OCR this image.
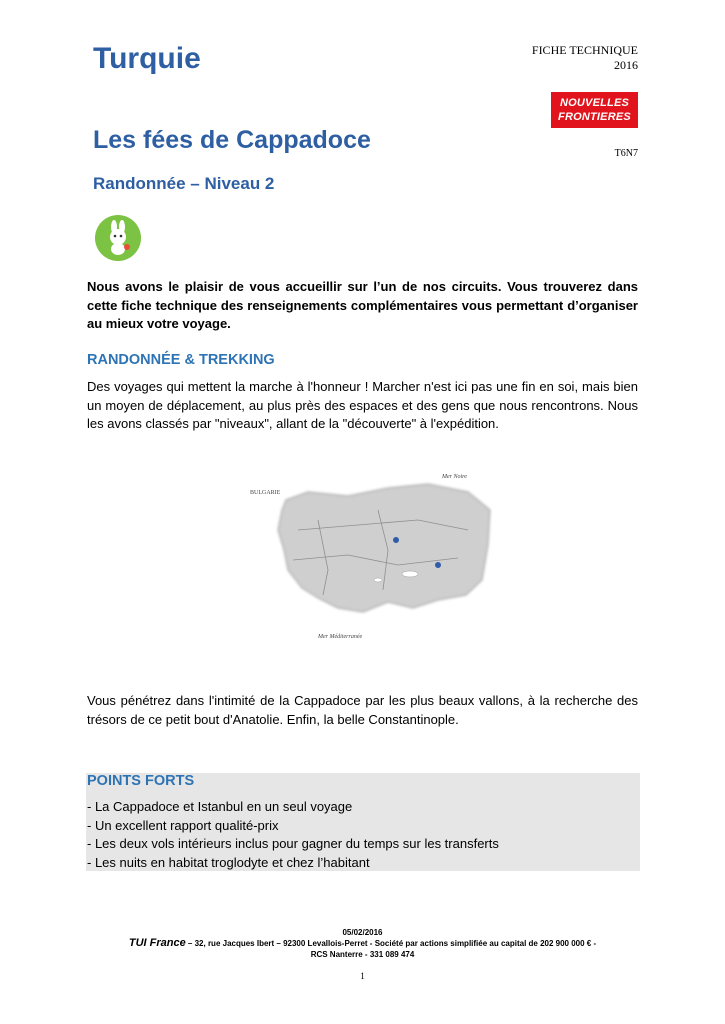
Turquie	FICHE TECHNIQUE
2016
NOUVELLES
FRONTIERES
T6N7
Les fées de Cappadoce
Randonnée – Niveau 2

Nous avons le plaisir de vous accueillir sur l’un de nos circuits. Vous trouverez dans cette fiche technique des renseignements complémentaires vous permettant d’organiser au mieux votre voyage.

RANDONNÉE & TREKKING

Des voyages qui mettent la marche à l'honneur ! Marcher n'est ici pas une fin en soi, mais bien un moyen de déplacement, au plus près des espaces et des gens que nous rencontrons. Nous les avons classés par "niveaux", allant de la "découverte" à l'expédition.

BULGARIE
Mer Noire
Mer Méditerranée

Vous pénétrez dans l'intimité de la Cappadoce par les plus beaux vallons, à la recherche des trésors de ce petit bout d'Anatolie. Enfin, la belle Constantinople.

POINTS FORTS
- La Cappadoce et Istanbul en un seul voyage
- Un excellent rapport qualité-prix
- Les deux vols intérieurs inclus pour gagner du temps sur les transferts
- Les nuits en habitat troglodyte et chez l’habitant
05/02/2016
TUI France – 32, rue Jacques Ibert – 92300 Levallois-Perret - Société par actions simplifiée au capital de 202 900 000 € -
RCS Nanterre - 331 089 474
1
